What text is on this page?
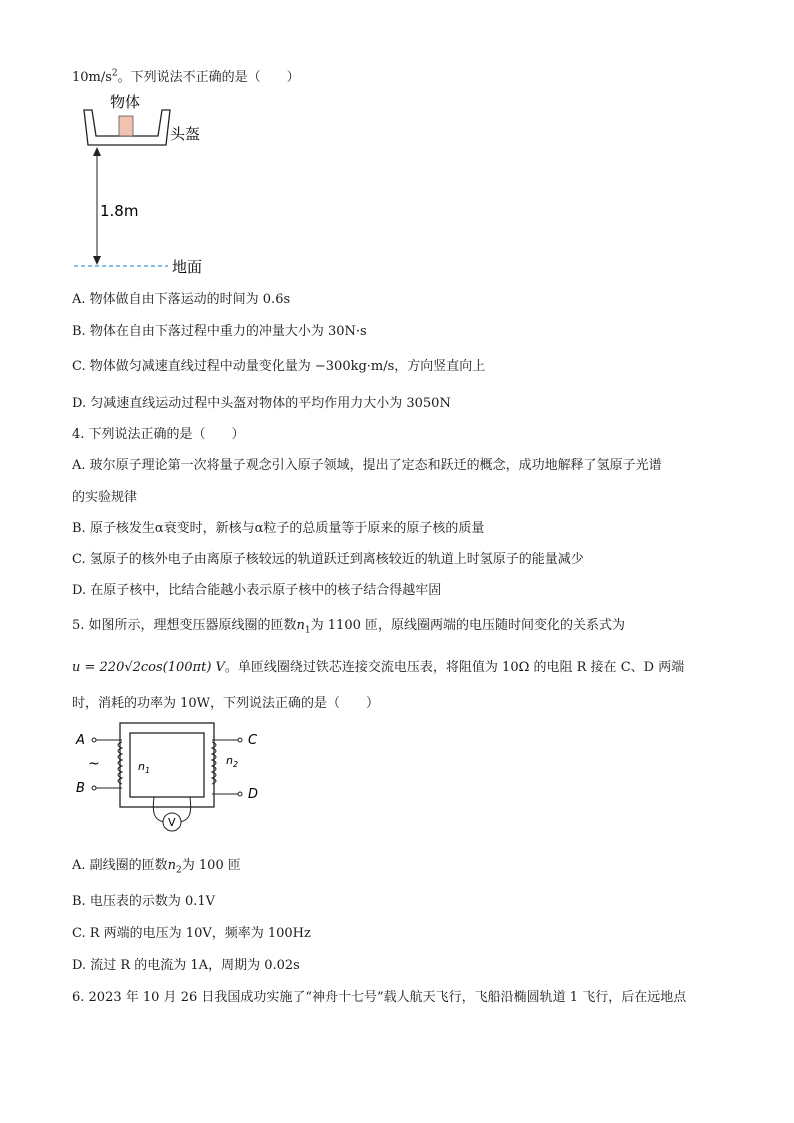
$10m/s^2$。下列说法不正确的是（　　）
物体
头盔
1.8m
地面
A. 物体做自由下落运动的时间为 0.6s
B. 物体在自由下落过程中重力的冲量大小为 30N·s
C. 物体做匀减速直线过程中动量变化量为 −300kg·m/s，方向竖直向上
D. 匀减速直线运动过程中头盔对物体的平均作用力大小为 3050N
4. 下列说法正确的是（　　）
A. 玻尔原子理论第一次将量子观念引入原子领域，提出了定态和跃迁的概念，成功地解释了氢原子光谱
的实验规律
B. 原子核发生α衰变时，新核与α粒子的总质量等于原来的原子核的质量
C. 氢原子的核外电子由离原子核较远的轨道跃迁到离核较近的轨道上时氢原子的能量减少
D. 在原子核中，比结合能越小表示原子核中的核子结合得越牢固
5. 如图所示，理想变压器原线圈的匝数$n_1$为 1100 匝，原线圈两端的电压随时间变化的关系式为
u = 220√2cos(100πt) V。单匝线圈绕过铁芯连接交流电压表，将阻值为 10Ω 的电阻 R 接在 C、D 两端
时，消耗的功率为 10W，下列说法正确的是（　　）
A
B
~	$n_1$
C
D
$n_2$
V
A. 副线圈的匝数$n_2$为 100 匝
B. 电压表的示数为 0.1V
C. R 两端的电压为 10V，频率为 100Hz
D. 流过 R 的电流为 1A，周期为 0.02s
6. 2023 年 10 月 26 日我国成功实施了“神舟十七号”载人航天飞行，飞船沿椭圆轨道 1 飞行，后在远地点
